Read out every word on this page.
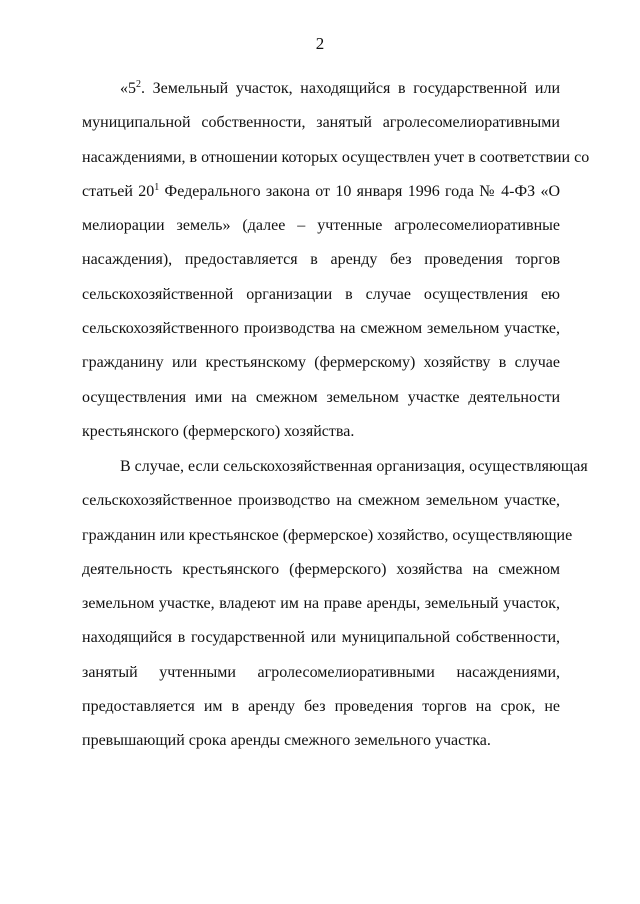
2
«$5^2$. Земельный участок, находящийся в государственной или
муниципальной собственности, занятый агролесомелиоративными
насаждениями, в отношении которых осуществлен учет в соответствии со
статьей $20^1$ Федерального закона от 10 января 1996 года № 4-ФЗ «О
мелиорации земель» (далее – учтенные агролесомелиоративные
насаждения), предоставляется в аренду без проведения торгов
сельскохозяйственной организации в случае осуществления ею
сельскохозяйственного производства на смежном земельном участке,
гражданину или крестьянскому (фермерскому) хозяйству в случае
осуществления ими на смежном земельном участке деятельности
крестьянского (фермерского) хозяйства.
В случае, если сельскохозяйственная организация, осуществляющая
сельскохозяйственное производство на смежном земельном участке,
гражданин или крестьянское (фермерское) хозяйство, осуществляющие
деятельность крестьянского (фермерского) хозяйства на смежном
земельном участке, владеют им на праве аренды, земельный участок,
находящийся в государственной или муниципальной собственности,
занятый учтенными агролесомелиоративными насаждениями,
предоставляется им в аренду без проведения торгов на срок, не
превышающий срока аренды смежного земельного участка.
